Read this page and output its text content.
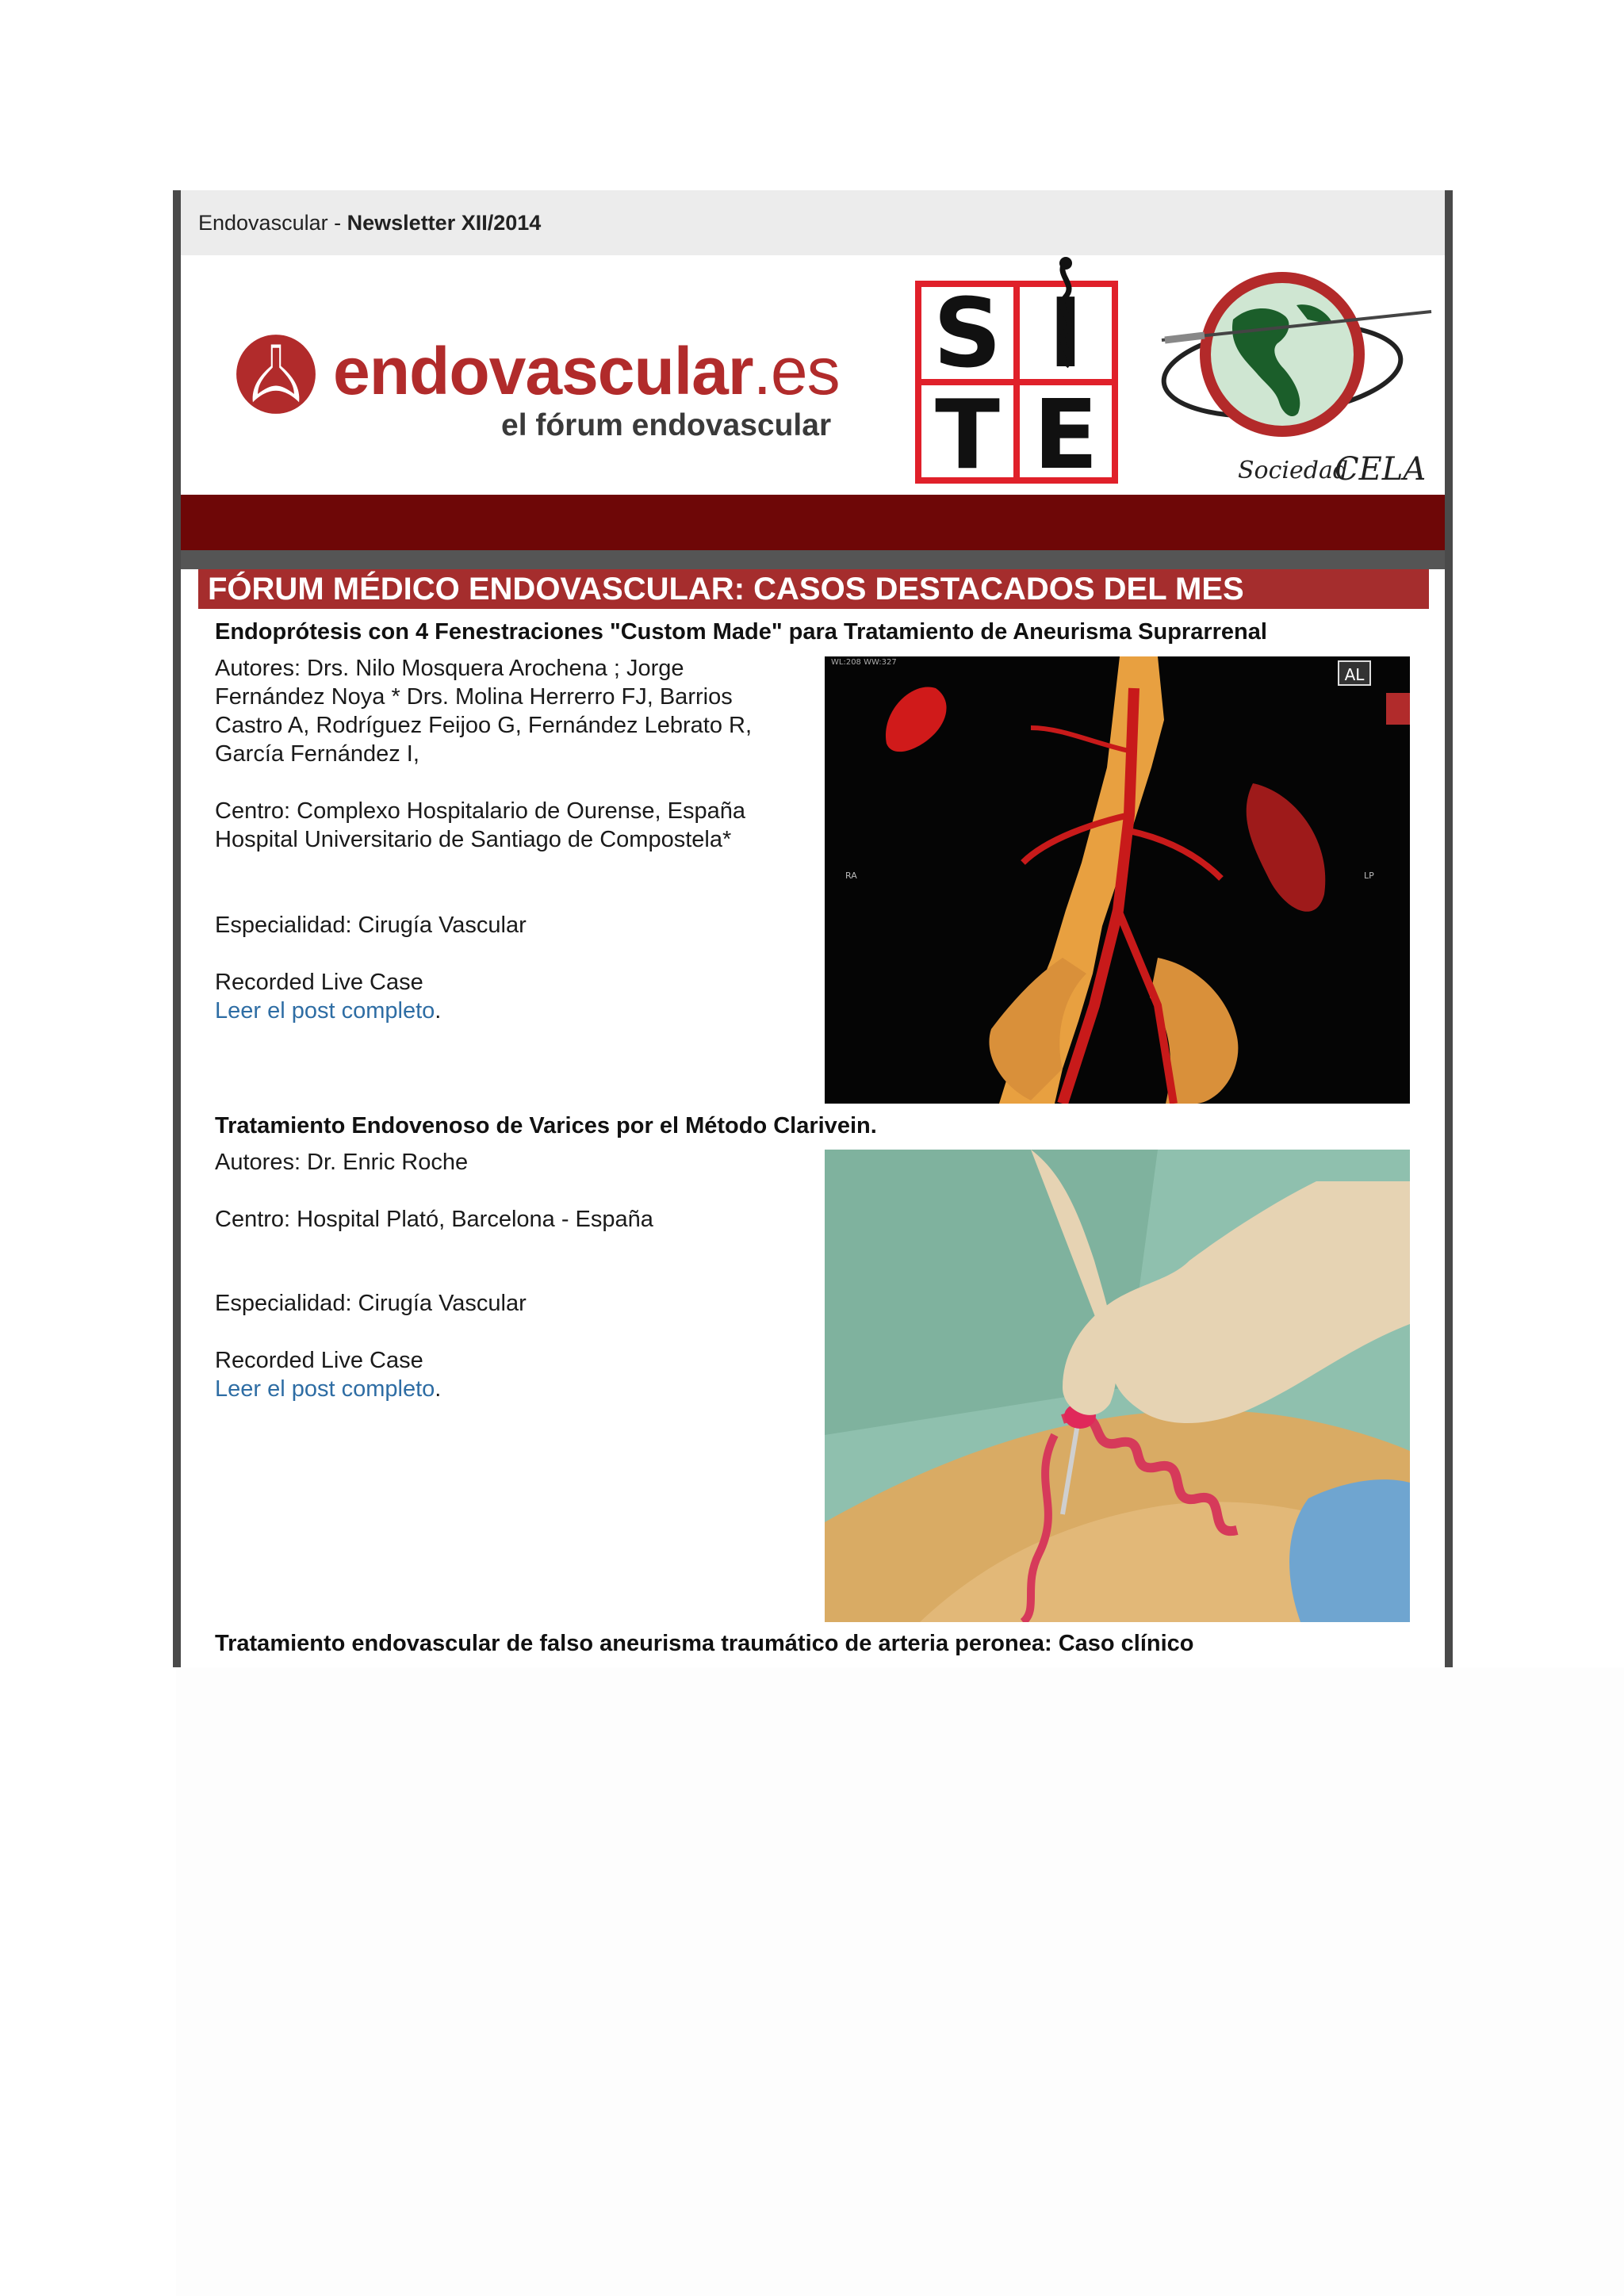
Endovascular - Newsletter XII/2014
endovascular.es
el fórum endovascular
S I
T E	Sociedad
CELA
FÓRUM MÉDICO ENDOVASCULAR: CASOS DESTACADOS DEL MES
Endoprótesis con 4 Fenestraciones "Custom Made" para Tratamiento de Aneurisma Suprarrenal

Autores: Drs. Nilo Mosquera Arochena ; Jorge

Fernández Noya * Drs. Molina Herrerro FJ, Barrios

Castro A, Rodríguez Feijoo G, Fernández Lebrato R,

García Fernández I,

Centro: Complexo Hospitalario de Ourense, España

Hospital Universitario de Santiago de Compostela*

Especialidad: Cirugía Vascular

Recorded Live Case

Leer el post completo.

AL
WL:208 WW:327
RA	LP
Tratamiento Endovenoso de Varices por el Método Clarivein.

Autores: Dr. Enric Roche

Centro: Hospital Plató, Barcelona - España

Especialidad: Cirugía Vascular

Recorded Live Case

Leer el post completo.

Tratamiento endovascular de falso aneurisma traumático de arteria peronea: Caso clínico
